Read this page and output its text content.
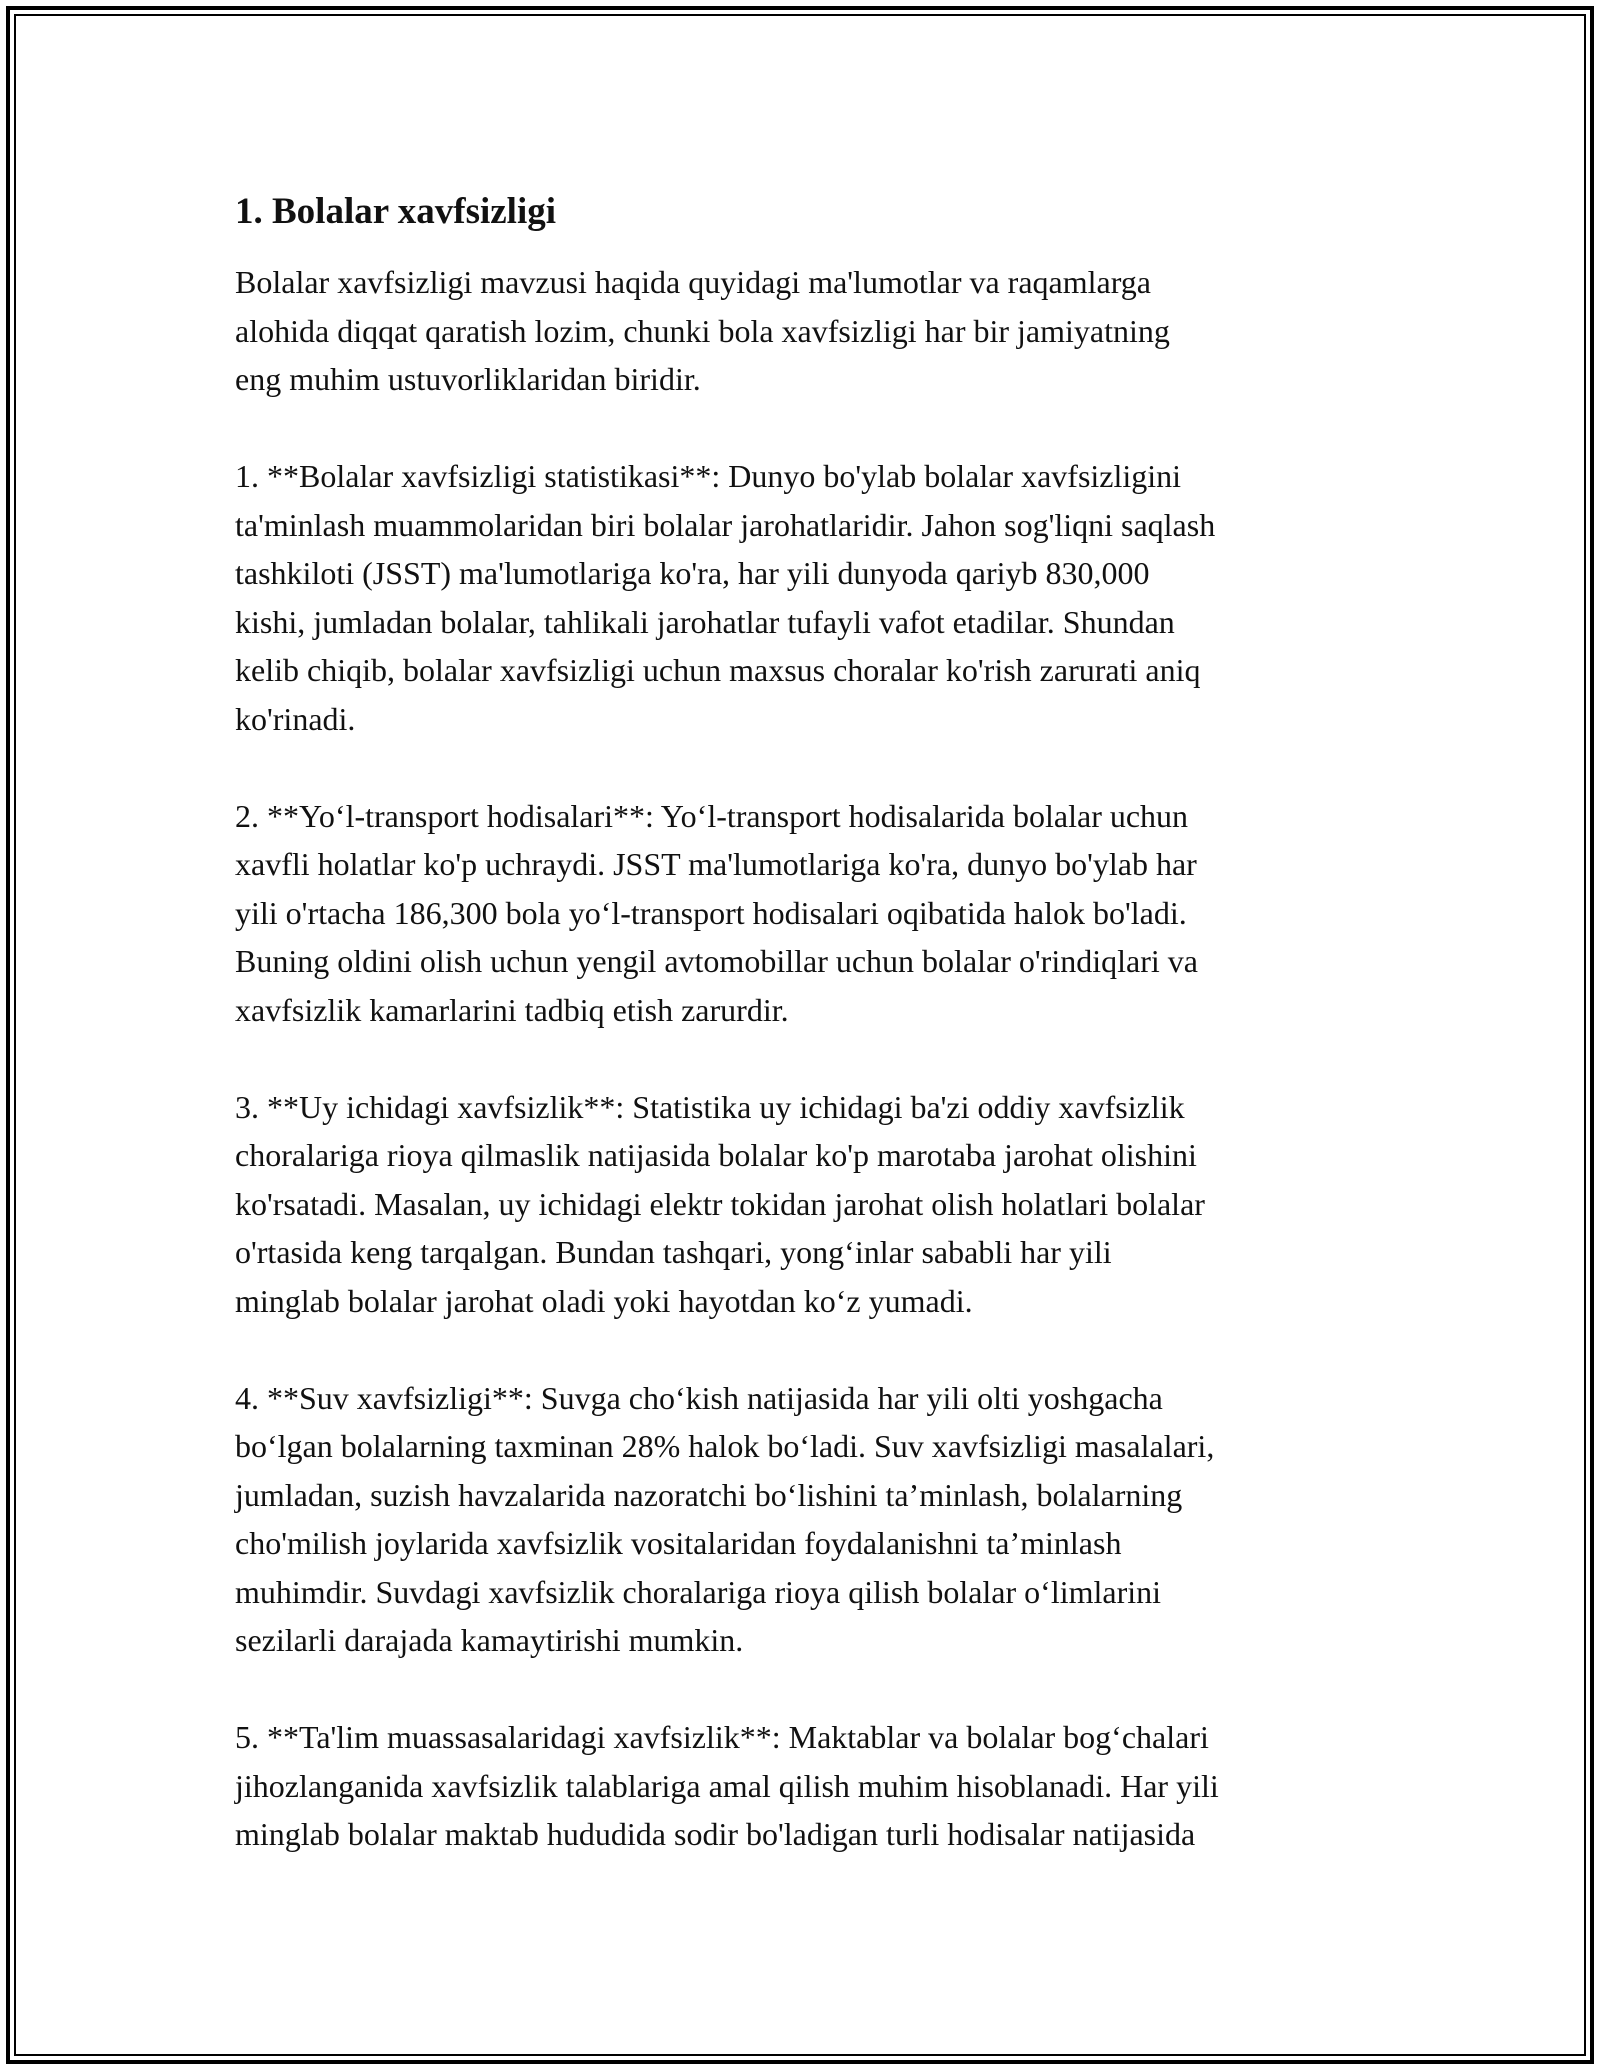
1. Bolalar xavfsizligi
Bolalar xavfsizligi mavzusi haqida quyidagi ma'lumotlar va raqamlarga
alohida diqqat qaratish lozim, chunki bola xavfsizligi har bir jamiyatning
eng muhim ustuvorliklaridan biridir.
1. **Bolalar xavfsizligi statistikasi**: Dunyo bo'ylab bolalar xavfsizligini
ta'minlash muammolaridan biri bolalar jarohatlaridir. Jahon sog'liqni saqlash
tashkiloti (JSST) ma'lumotlariga ko'ra, har yili dunyoda qariyb 830,000
kishi, jumladan bolalar, tahlikali jarohatlar tufayli vafot etadilar. Shundan
kelib chiqib, bolalar xavfsizligi uchun maxsus choralar ko'rish zarurati aniq
ko'rinadi.
2. **Yo‘l-transport hodisalari**: Yo‘l-transport hodisalarida bolalar uchun
xavfli holatlar ko'p uchraydi. JSST ma'lumotlariga ko'ra, dunyo bo'ylab har
yili o'rtacha 186,300 bola yo‘l-transport hodisalari oqibatida halok bo'ladi.
Buning oldini olish uchun yengil avtomobillar uchun bolalar o'rindiqlari va
xavfsizlik kamarlarini tadbiq etish zarurdir.
3. **Uy ichidagi xavfsizlik**: Statistika uy ichidagi ba'zi oddiy xavfsizlik
choralariga rioya qilmaslik natijasida bolalar ko'p marotaba jarohat olishini
ko'rsatadi. Masalan, uy ichidagi elektr tokidan jarohat olish holatlari bolalar
o'rtasida keng tarqalgan. Bundan tashqari, yong‘inlar sababli har yili
minglab bolalar jarohat oladi yoki hayotdan ko‘z yumadi.
4. **Suv xavfsizligi**: Suvga cho‘kish natijasida har yili olti yoshgacha
bo‘lgan bolalarning taxminan 28% halok bo‘ladi. Suv xavfsizligi masalalari,
jumladan, suzish havzalarida nazoratchi bo‘lishini ta’minlash, bolalarning
cho'milish joylarida xavfsizlik vositalaridan foydalanishni ta’minlash
muhimdir. Suvdagi xavfsizlik choralariga rioya qilish bolalar o‘limlarini
sezilarli darajada kamaytirishi mumkin.
5. **Ta'lim muassasalaridagi xavfsizlik**: Maktablar va bolalar bog‘chalari
jihozlanganida xavfsizlik talablariga amal qilish muhim hisoblanadi. Har yili
minglab bolalar maktab hududida sodir bo'ladigan turli hodisalar natijasida
